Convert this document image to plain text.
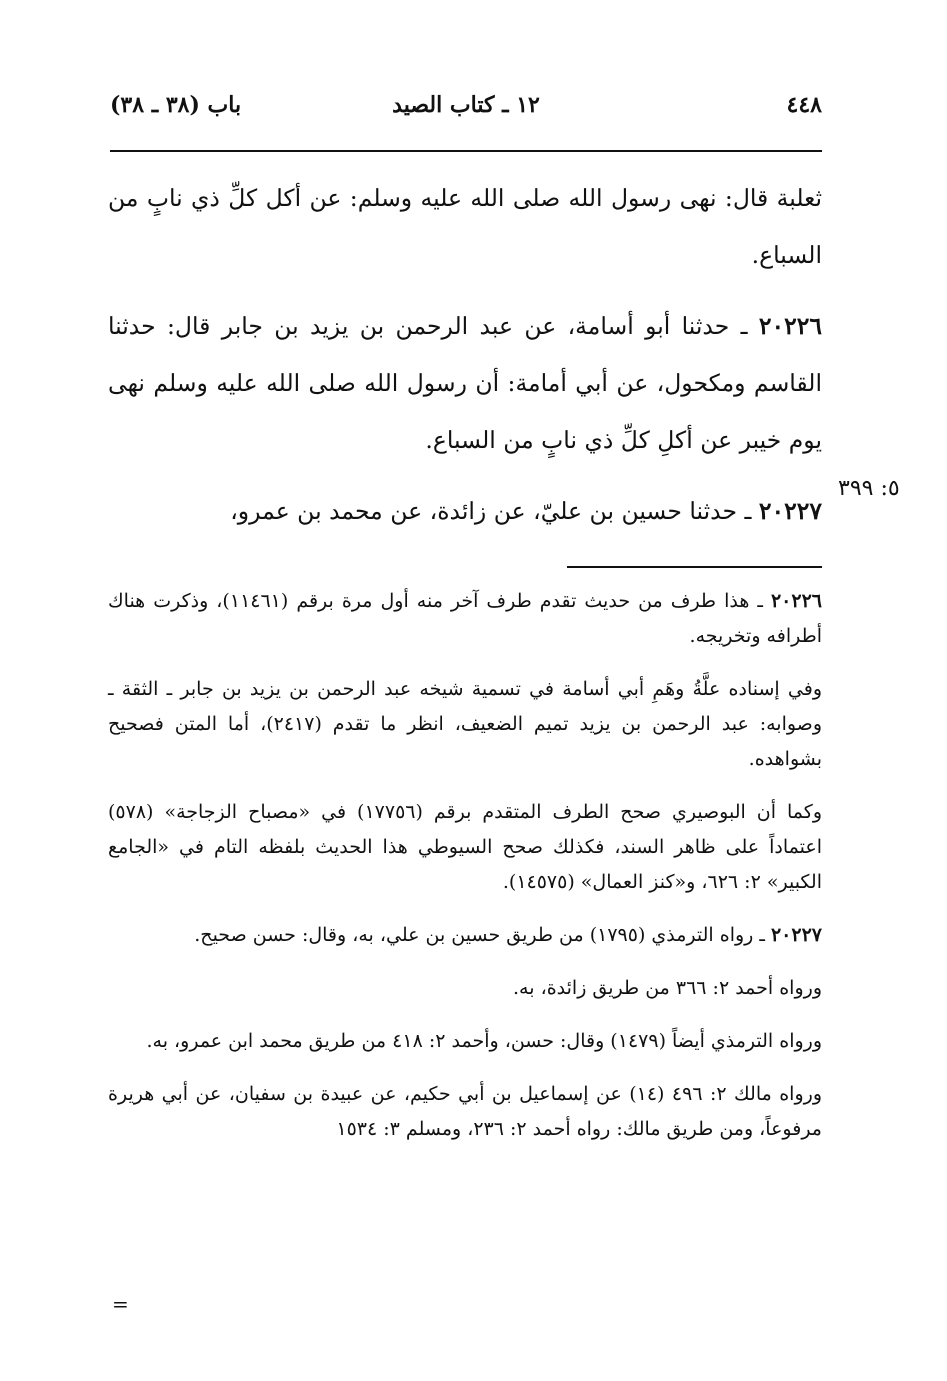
٤٤٨
١٢ ـ كتاب الصيد
باب (٣٨ ـ ٣٨)

ثعلبة قال: نهى رسول الله صلى الله عليه وسلم: عن أكل كلِّ ذي نابٍ من السباع.

٢٠٢٢٦ ـ حدثنا أبو أسامة، عن عبد الرحمن بن يزيد بن جابر قال: حدثنا القاسم ومكحول، عن أبي أمامة: أن رسول الله صلى الله عليه وسلم نهى يوم خيبر عن أكلِ كلِّ ذي نابٍ من السباع.

٢٠٢٢٧ ـ حدثنا حسين بن عليّ، عن زائدة، عن محمد بن عمرو،

٥: ٣٩٩

٢٠٢٢٦ ـ هذا طرف من حديث تقدم طرف آخر منه أول مرة برقم (١١٤٦١)، وذكرت هناك أطرافه وتخريجه.

وفي إسناده علَّةُ وهَمِ أبي أسامة في تسمية شيخه عبد الرحمن بن يزيد بن جابر ـ الثقة ـ وصوابه: عبد الرحمن بن يزيد تميم الضعيف، انظر ما تقدم (٢٤١٧)، أما المتن فصحيح بشواهده.

وكما أن البوصيري صحح الطرف المتقدم برقم (١٧٧٥٦) في «مصباح الزجاجة» (٥٧٨) اعتماداً على ظاهر السند، فكذلك صحح السيوطي هذا الحديث بلفظه التام في «الجامع الكبير» ٢: ٦٢٦، و«كنز العمال» (١٤٥٧٥).

٢٠٢٢٧ ـ رواه الترمذي (١٧٩٥) من طريق حسين بن علي، به، وقال: حسن صحيح.

ورواه أحمد ٢: ٣٦٦ من طريق زائدة، به.

ورواه الترمذي أيضاً (١٤٧٩) وقال: حسن، وأحمد ٢: ٤١٨ من طريق محمد ابن عمرو، به.

ورواه مالك ٢: ٤٩٦ (١٤) عن إسماعيل بن أبي حكيم، عن عبيدة بن سفيان، عن أبي هريرة مرفوعاً، ومن طريق مالك: رواه أحمد ٢: ٢٣٦، ومسلم ٣: ١٥٣٤

=
